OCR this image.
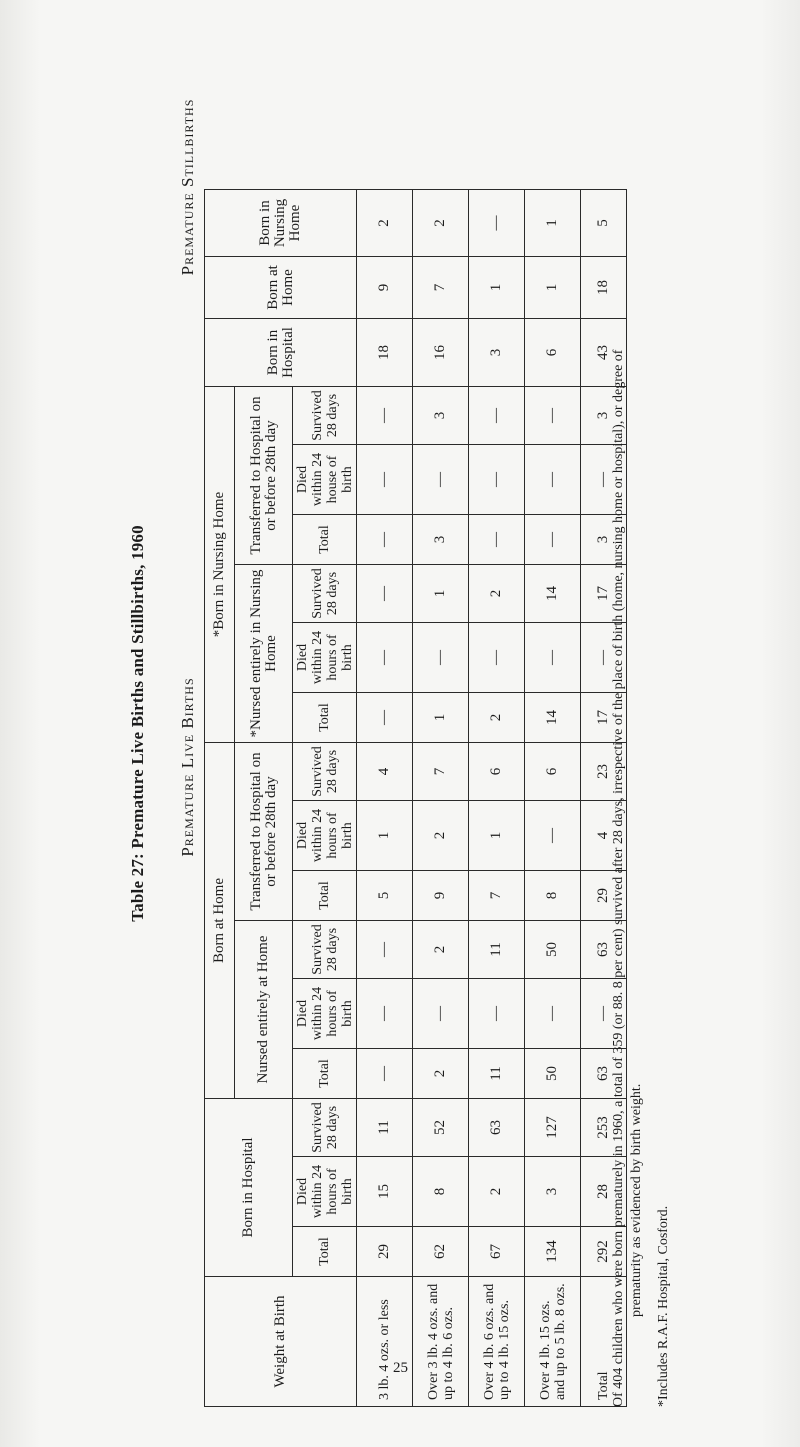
Table 27: Premature Live Births and Stillbirths, 1960 Premature Live Births
Premature Stillbirths
Weight at Birth	Born in Hospital			Born at Home						*Born in Nursing Home						Born in Hospital	Born at Home	Born in Nursing Home
				Nursed entirely at Home			Transferred to Hospital on or before 28th day			*Nursed entirely in Nursing Home			Transferred to Hospital on or before 28th day					
	Total	Died within 24 hours of birth	Survived 28 days	Total	Died within 24 hours of birth	Survived 28 days	Total	Died within 24 hours of birth	Survived 28 days	Total	Died within 24 hours of birth	Survived 28 days	Total	Died within 24 house of birth	Survived 28 days			
3 lb. 4 ozs. or less	29	15	11	—	—	—	5	1	4	—	—	—	—	—	—	18	9	2
Over 3 lb. 4 ozs. and up to 4 lb. 6 ozs.	62	8	52	2	—	2	9	2	7	1	—	1	3	—	3	16	7	2
Over 4 lb. 6 ozs. and up to 4 lb. 15 ozs.	67	2	63	11	—	11	7	1	6	2	—	2	—	—	—	3	1	—
Over 4 lb. 15 ozs. and up to 5 lb. 8 ozs.	134	3	127	50	—	50	8	—	6	14	—	14	—	—	—	6	1	1
Total	292	28	253	63	—	63	29	4	23	17	—	17	3	—	3	43	18	5
Of 404 children who were born prematurely in 1960, a total of 359 (or 88. 8 per cent) survived after 28 days, irrespective of the place of birth (home, nursing home or hospital), or degree of prematurity as evidenced by birth weight. *Includes R.A.F. Hospital, Cosford.
25
